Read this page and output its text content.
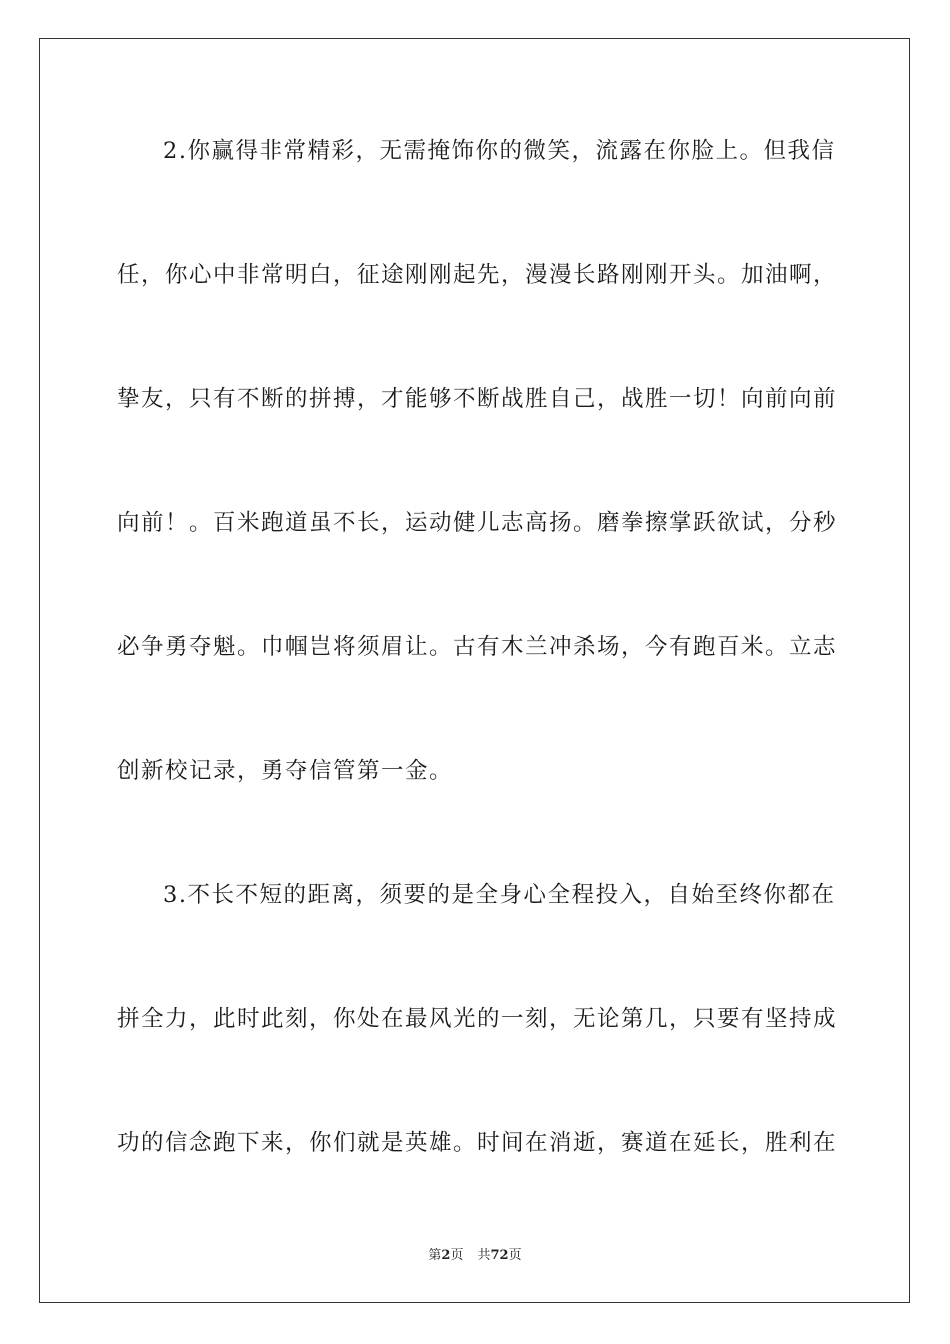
2.你赢得非常精彩，无需掩饰你的微笑，流露在你脸上。但我信
任，你心中非常明白，征途刚刚起先，漫漫长路刚刚开头。加油啊，
挚友，只有不断的拼搏，才能够不断战胜自己，战胜一切！向前向前
向前！。百米跑道虽不长，运动健儿志高扬。磨拳擦掌跃欲试，分秒
必争勇夺魁。巾帼岂将须眉让。古有木兰冲杀场，今有跑百米。立志
创新校记录，勇夺信管第一金。
3.不长不短的距离，须要的是全身心全程投入，自始至终你都在
拼全力，此时此刻，你处在最风光的一刻，无论第几，只要有坚持成
功的信念跑下来，你们就是英雄。时间在消逝，赛道在延长，胜利在
第2页 共72页
